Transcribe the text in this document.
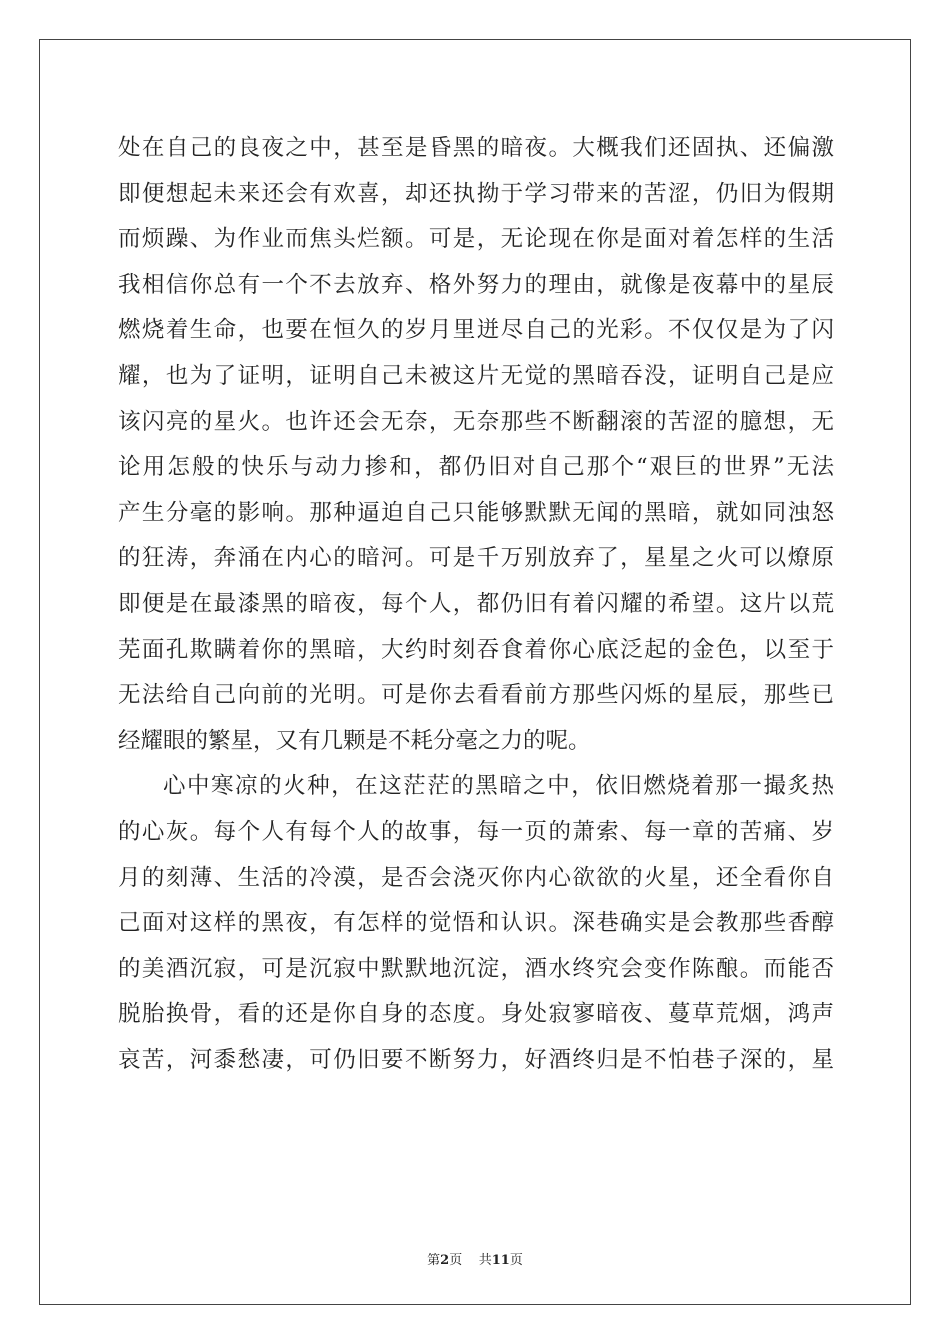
处在自己的良夜之中，甚至是昏黑的暗夜。大概我们还固执、还偏激
即便想起未来还会有欢喜，却还执拗于学习带来的苦涩，仍旧为假期
而烦躁、为作业而焦头烂额。可是，无论现在你是面对着怎样的生活
我相信你总有一个不去放弃、格外努力的理由，就像是夜幕中的星辰
燃烧着生命，也要在恒久的岁月里迸尽自己的光彩。不仅仅是为了闪
耀，也为了证明，证明自己未被这片无觉的黑暗吞没，证明自己是应
该闪亮的星火。也许还会无奈，无奈那些不断翻滚的苦涩的臆想，无
论用怎般的快乐与动力掺和，都仍旧对自己那个“艰巨的世界”无法
产生分毫的影响。那种逼迫自己只能够默默无闻的黑暗，就如同浊怒
的狂涛，奔涌在内心的暗河。可是千万别放弃了，星星之火可以燎原
即便是在最漆黑的暗夜，每个人，都仍旧有着闪耀的希望。这片以荒
芜面孔欺瞒着你的黑暗，大约时刻吞食着你心底泛起的金色，以至于
无法给自己向前的光明。可是你去看看前方那些闪烁的星辰，那些已
经耀眼的繁星，又有几颗是不耗分毫之力的呢。
心中寒凉的火种，在这茫茫的黑暗之中，依旧燃烧着那一撮炙热
的心灰。每个人有每个人的故事，每一页的萧索、每一章的苦痛、岁
月的刻薄、生活的冷漠，是否会浇灭你内心欲欲的火星，还全看你自
己面对这样的黑夜，有怎样的觉悟和认识。深巷确实是会教那些香醇
的美酒沉寂，可是沉寂中默默地沉淀，酒水终究会变作陈酿。而能否
脱胎换骨，看的还是你自身的态度。身处寂寥暗夜、蔓草荒烟，鸿声
哀苦，河黍愁凄，可仍旧要不断努力，好酒终归是不怕巷子深的，星
第2页 共11页
